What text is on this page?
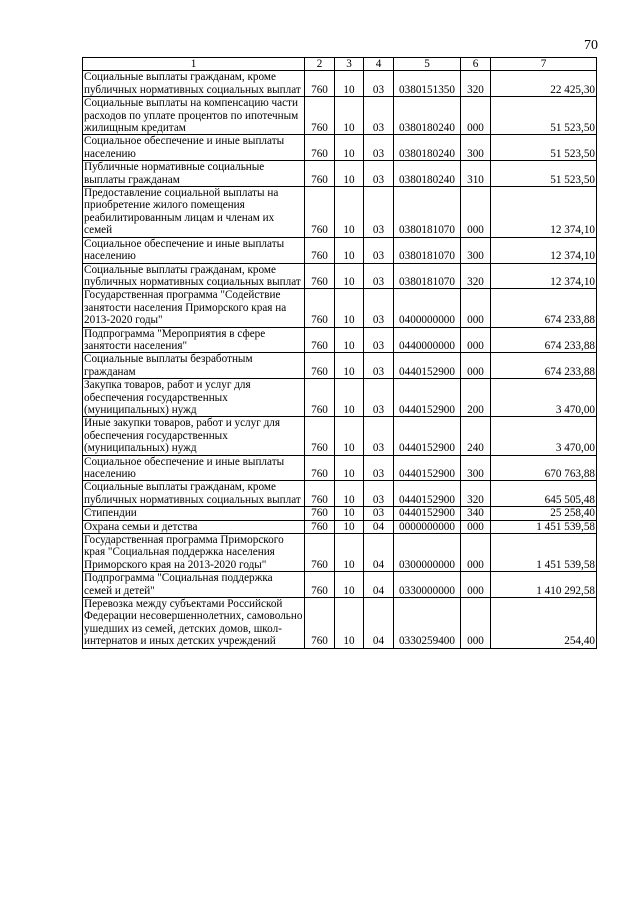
70
1	2	3	4	5	6	7
Социальные выплаты гражданам, кроме публичных нормативных социальных выплат	760	10	03	0380151350	320	22 425,30
Социальные выплаты на компенсацию части расходов по уплате процентов по ипотечным жилищным кредитам	760	10	03	0380180240	000	51 523,50
Социальное обеспечение и иные выплаты населению	760	10	03	0380180240	300	51 523,50
Публичные нормативные социальные выплаты гражданам	760	10	03	0380180240	310	51 523,50
Предоставление социальной выплаты на приобретение жилого помещения реабилитированным лицам и членам их семей	760	10	03	0380181070	000	12 374,10
Социальное обеспечение и иные выплаты населению	760	10	03	0380181070	300	12 374,10
Социальные выплаты гражданам, кроме публичных нормативных социальных выплат	760	10	03	0380181070	320	12 374,10
Государственная программа "Содействие занятости населения Приморского края на 2013-2020 годы"	760	10	03	0400000000	000	674 233,88
Подпрограмма "Мероприятия в сфере занятости населения"	760	10	03	0440000000	000	674 233,88
Социальные выплаты безработным гражданам	760	10	03	0440152900	000	674 233,88
Закупка товаров, работ и услуг для обеспечения государственных (муниципальных) нужд	760	10	03	0440152900	200	3 470,00
Иные закупки товаров, работ и услуг для обеспечения государственных (муниципальных) нужд	760	10	03	0440152900	240	3 470,00
Социальное обеспечение и иные выплаты населению	760	10	03	0440152900	300	670 763,88
Социальные выплаты гражданам, кроме публичных нормативных социальных выплат	760	10	03	0440152900	320	645 505,48
Стипендии	760	10	03	0440152900	340	25 258,40
Охрана семьи и детства	760	10	04	0000000000	000	1 451 539,58
Государственная программа Приморского края "Социальная поддержка населения Приморского края на 2013-2020 годы"	760	10	04	0300000000	000	1 451 539,58
Подпрограмма "Социальная поддержка семей и детей"	760	10	04	0330000000	000	1 410 292,58
Перевозка между субъектами Российской Федерации несовершеннолетних, самовольно ушедших из семей, детских домов, школ-интернатов и иных детских учреждений	760	10	04	0330259400	000	254,40
